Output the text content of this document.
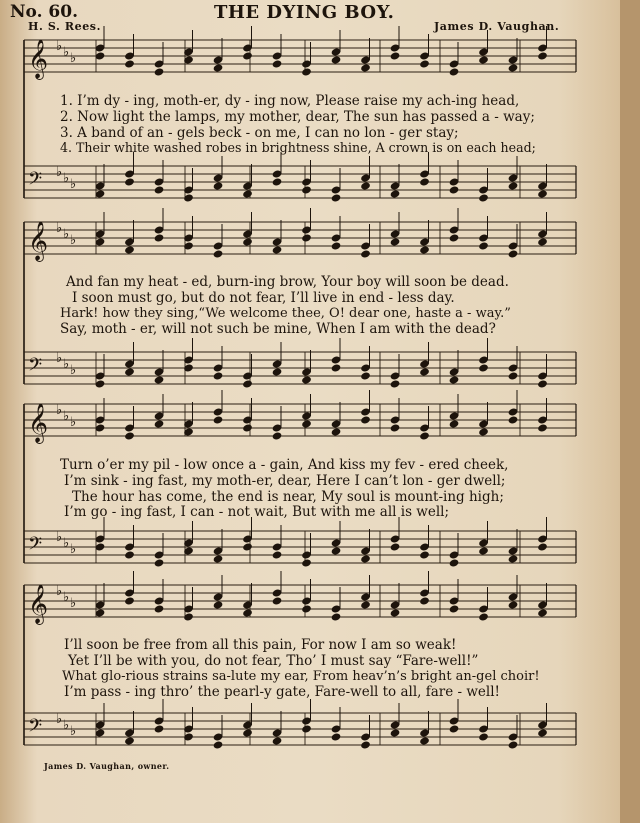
No. 60.	THE DYING BOY.
H. S. Rees.	James D. Vaughan.
𝄞 ♭ ♭ ♭
𝄢 ♭ ♭ ♭
𝄞 ♭ ♭ ♭
𝄢 ♭ ♭ ♭
𝄞 ♭ ♭ ♭
𝄢 ♭ ♭ ♭
𝄞 ♭ ♭ ♭
𝄢 ♭ ♭ ♭
1. I’m dy - ing, moth-er, dy - ing now, Please raise my ach-ing head,
2. Now light the lamps, my mother, dear, The sun has passed a - way;
3. A band of an - gels beck - on me, I can no lon - ger stay;
4. Their white washed robes in brightness shine, A crown is on each head;
And fan my heat - ed, burn-ing brow, Your boy will soon be dead.
I soon must go, but do not fear, I’ll live in end - less day.
Hark! how they sing,“We welcome thee, O! dear one, haste a - way.”
Say, moth - er, will not such be mine, When I am with the dead?
Turn o’er my pil - low once a - gain, And kiss my fev - ered cheek,
I’m sink - ing fast, my moth-er, dear, Here I can’t lon - ger dwell;
The hour has come, the end is near, My soul is mount-ing high;
I’m go - ing fast, I can - not wait, But with me all is well;
I’ll soon be free from all this pain, For now I am so weak!
Yet I’ll be with you, do not fear, Tho’ I must say “Fare-well!”
What glo-rious strains sa-lute my ear, From heav’n’s bright an-gel choir!
I’m pass - ing thro’ the pearl-y gate, Fare-well to all, fare - well!
James D. Vaughan, owner.
